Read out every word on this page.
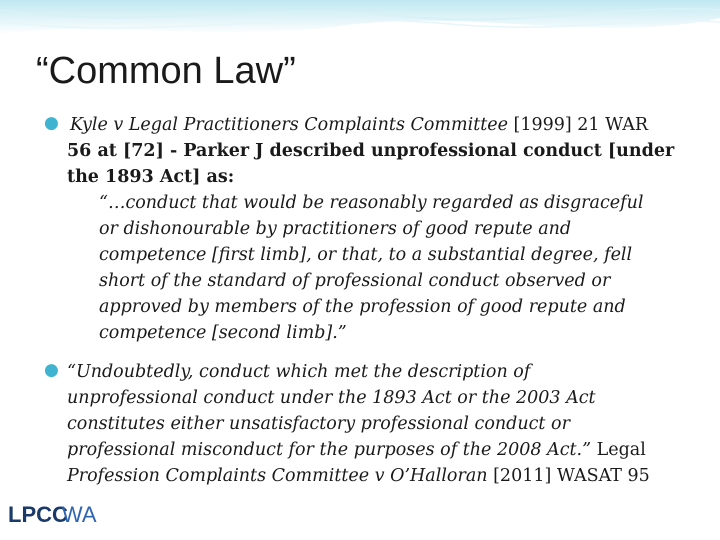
“Common Law”
● Kyle v Legal Practitioners Complaints Committee [1999] 21 WAR
56 at [72] - Parker J described unprofessional conduct [under
the 1893 Act] as:
“…conduct that would be reasonably regarded as disgraceful
or dishonourable by practitioners of good repute and
competence [first limb], or that, to a substantial degree, fell
short of the standard of professional conduct observed or
approved by members of the profession of good repute and
competence [second limb].”
● “Undoubtedly, conduct which met the description of
unprofessional conduct under the 1893 Act or the 2003 Act
constitutes either unsatisfactory professional conduct or
professional misconduct for the purposes of the 2008 Act.” Legal
Profession Complaints Committee v O’Halloran [2011] WASAT 95
LPCCWA
